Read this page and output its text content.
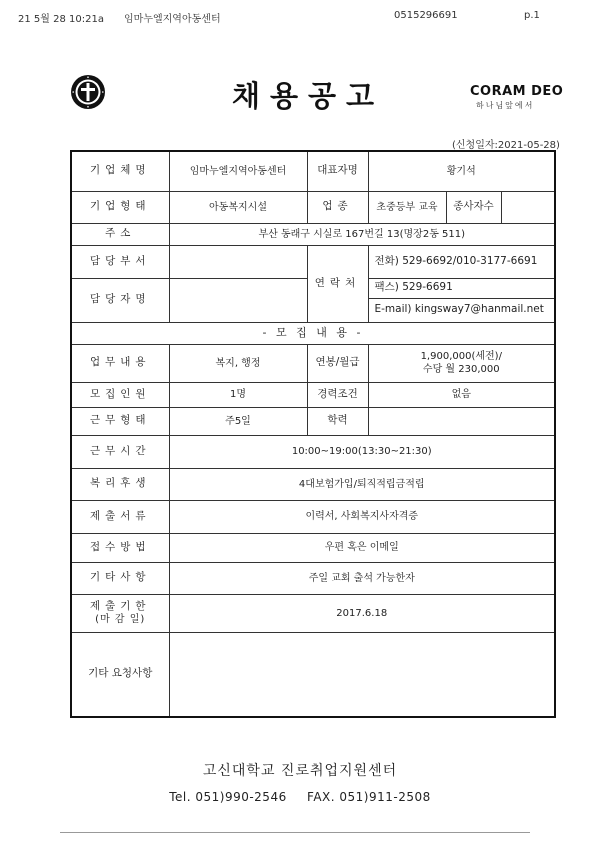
21 5월 28 10:21a 임마누엘지역아동센터	0515296691	p.1
채용공고	CORAM DEO
하나님앞에서
(신청일자:2021-05-28)
기업체명	임마누엘지역아동센터	대표자명	황기석		
기업형태	아동복지시설	업종	초중등부 교육	종사자수	
주소	부산 동래구 시실로 167번길 13(명장2동 511)				
담당부서		연락처	전화) 529-6692/010-3177-6691		
담당자명			팩스) 529-6691		
			E-mail) kingsway7@hanmail.net		
- 모 집 내 용 -					
업무내용	복지, 행정	연봉/월급	1,900,000(세전)/
수당 월 230,000		

모집인원	1명	경력조건	없음		
근무형태	주5일	학력			
근무시간	10:00~19:00(13:30~21:30)				
복리후생	4대보험가입/퇴직적립금적립				
제출서류	이력서, 사회복지사자격증				
접수방법	우편 혹은 이메일				
기타사항	주일 교회 출석 가능한자				

제출기한
(마 감 일)	2017.6.18				
기타 요청사항					
고신대학교 진로취업지원센터
Tel. 051)990-2546 FAX. 051)911-2508
